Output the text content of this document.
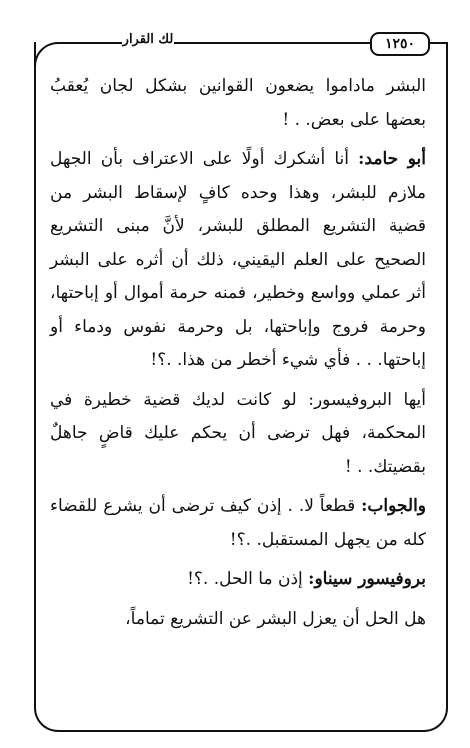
لك القرار	١٢٥٠

البشر ماداموا يضعون القوانين بشكل لجان يُعقبُ بعضها على بعض. . !

أبو حامد: أنا أشكرك أولًا على الاعتراف بأن الجهل ملازم للبشر، وهذا وحده كافٍ لإسقاط البشر من قضية التشريع المطلق للبشر، لأنَّ مبنى التشريع الصحيح على العلم اليقيني، ذلك أن أثره على البشر أثر عملي وواسع وخطير، فمنه حرمة أموال أو إباحتها، وحرمة فروج وإباحتها، بل وحرمة نفوس ودماء أو إباحتها. . . فأي شيء أخطر من هذا. .؟!

أيها البروفيسور: لو كانت لديك قضية خطيرة في المحكمة، فهل ترضى أن يحكم عليك قاضٍ جاهلٌ بقضيتك. . !

والجواب: قطعاً لا. . إذن كيف ترضى أن يشرع للقضاء كله من يجهل المستقبل. .؟!

بروفيسور سيناو: إذن ما الحل. .؟!

هل الحل أن يعزل البشر عن التشريع تماماً،
